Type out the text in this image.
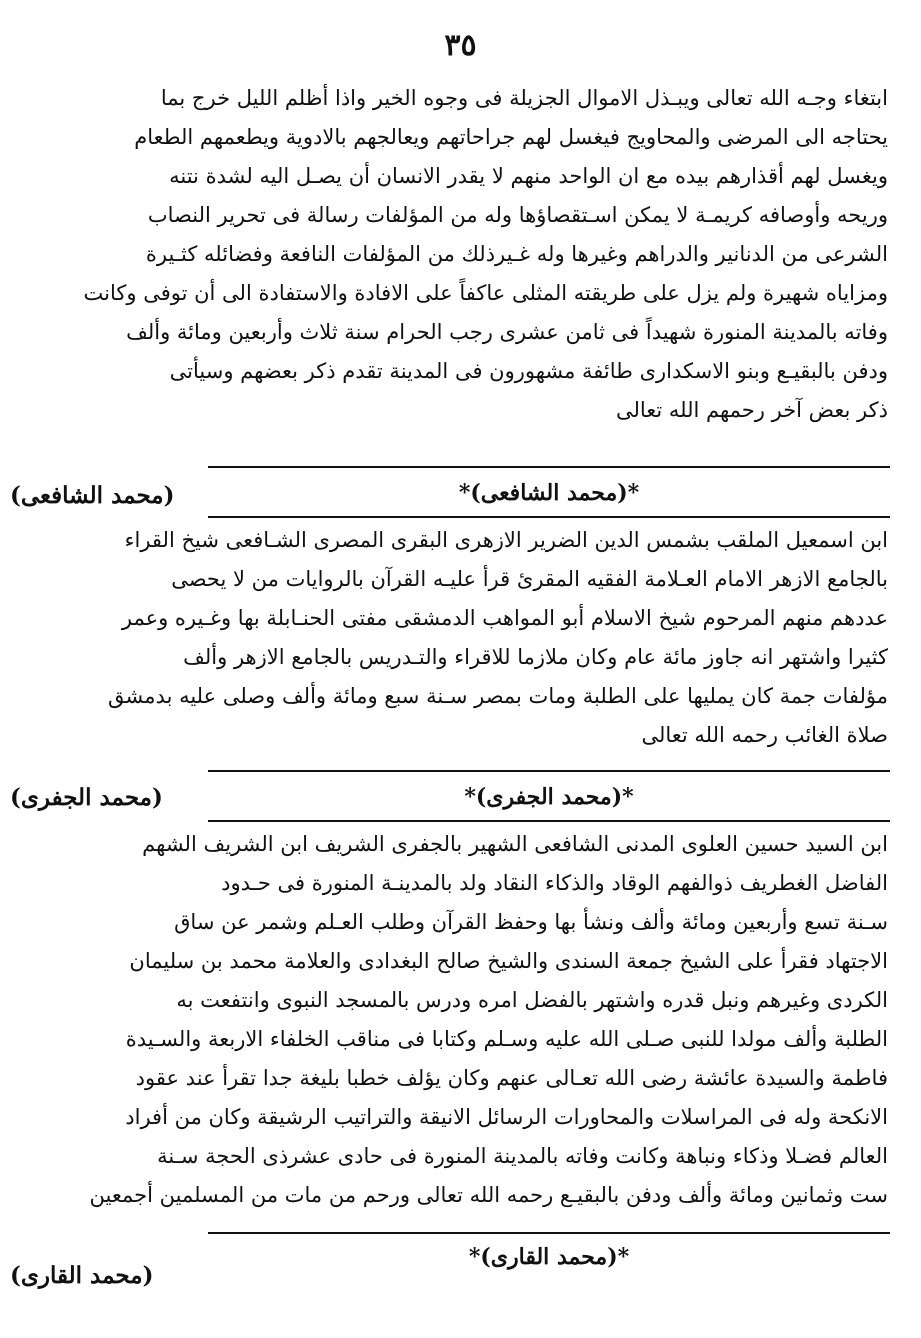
٣٥
ابتغاء وجـه الله تعالى ويبـذل الاموال الجزيلة فى وجوه الخير واذا أظلم الليل خرج بما
يحتاجه الى المرضى والمحاويج فيغسل لهم جراحاتهم ويعالجهم بالادوية ويطعمهم الطعام
ويغسل لهم أقذارهم بيده مع ان الواحد منهم لا يقدر الانسان أن يصـل اليه لشدة نتنه
وريحه وأوصافه كريمـة لا يمكن اسـتقصاؤها وله من المؤلفات رسالة فى تحرير النصاب
الشرعى من الدنانير والدراهم وغيرها وله غـيرذلك من المؤلفات النافعة وفضائله كثـيرة
ومزاياه شهيرة ولم يزل على طريقته المثلى عاكفاً على الافادة والاستفادة الى أن توفى وكانت
وفاته بالمدينة المنورة شهيداً فى ثامن عشرى رجب الحرام سنة ثلاث وأربعين ومائة وألف
ودفن بالبقيـع وبنو الاسكدارى طائفة مشهورون فى المدينة تقدم ذكر بعضهم وسيأتى
ذكر بعض آخر رحمهم الله تعالى
*(محمد الشافعى)*
(محمد الشافعى)
ابن اسمعيل الملقب بشمس الدين الضرير الازهرى البقرى المصرى الشـافعى شيخ القراء
بالجامع الازهر الامام العـلامة الفقيه المقرئ قرأ عليـه القرآن بالروايات من لا يحصى
عددهم منهم المرحوم شيخ الاسلام أبو المواهب الدمشقى مفتى الحنـابلة بها وغـيره وعمر
كثيرا واشتهر انه جاوز مائة عام وكان ملازما للاقراء والتـدريس بالجامع الازهر وألف
مؤلفات جمة كان يمليها على الطلبة ومات بمصر سـنة سبع ومائة وألف وصلى عليه بدمشق
صلاة الغائب رحمه الله تعالى
*(محمد الجفرى)*
(محمد الجفرى)
ابن السيد حسين العلوى المدنى الشافعى الشهير بالجفرى الشريف ابن الشريف الشهم
الفاضل الغطريف ذوالفهم الوقاد والذكاء النقاد ولد بالمدينـة المنورة فى حـدود
سـنة تسع وأربعين ومائة وألف ونشأ بها وحفظ القرآن وطلب العـلم وشمر عن ساق
الاجتهاد فقرأ على الشيخ جمعة السندى والشيخ صالح البغدادى والعلامة محمد بن سليمان
الكردى وغيرهم ونبل قدره واشتهر بالفضل امره ودرس بالمسجد النبوى وانتفعت به
الطلبة وألف مولدا للنبى صـلى الله عليه وسـلم وكتابا فى مناقب الخلفاء الاربعة والسـيدة
فاطمة والسيدة عائشة رضى الله تعـالى عنهم وكان يؤلف خطبا بليغة جدا تقرأ عند عقود
الانكحة وله فى المراسلات والمحاورات الرسائل الانيقة والتراتيب الرشيقة وكان من أفراد
العالم فضـلا وذكاء ونباهة وكانت وفاته بالمدينة المنورة فى حادى عشرذى الحجة سـنة
ست وثمانين ومائة وألف ودفن بالبقيـع رحمه الله تعالى ورحم من مات من المسلمين أجمعين
*(محمد القارى)*
(محمد القارى)
